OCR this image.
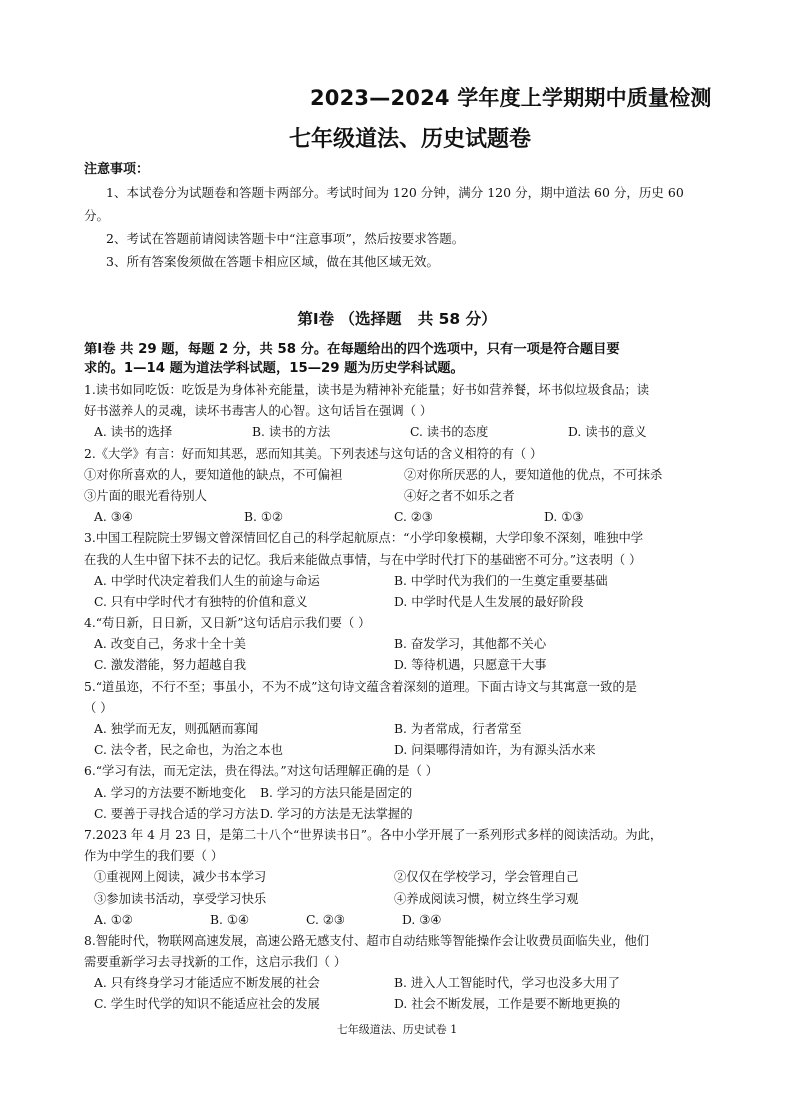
2023—2024 学年度上学期期中质量检测
七年级道法、历史试题卷
注意事项：
1、本试卷分为试题卷和答题卡两部分。考试时间为 120 分钟，满分 120 分，期中道法 60 分，历史 60
分。
2、考试在答题前请阅读答题卡中“注意事项”，然后按要求答题。
3、所有答案俊须做在答题卡相应区域，做在其他区域无效。
第Ⅰ卷 （选择题   共 58 分）
第Ⅰ卷 共 29 题，每题 2 分，共 58 分。在每题给出的四个选项中，只有一项是符合题目要
求的。1—14 题为道法学科试题，15—29 题为历史学科试题。
1.读书如同吃饭：吃饭是为身体补充能量，读书是为精神补充能量；好书如营养餐，坏书似垃圾食品；读
好书滋养人的灵魂，读坏书毒害人的心智。这句话旨在强调（ ）
A. 读书的选择	B. 读书的方法	C. 读书的态度	D. 读书的意义
2.《大学》有言：好而知其恶，恶而知其美。下列表述与这句话的含义相符的有（ ）
①对你所喜欢的人，要知道他的缺点，不可偏袒	②对你所厌恶的人，要知道他的优点，不可抹杀
③片面的眼光看待别人	④好之者不如乐之者
A. ③④	B. ①②	C. ②③	D. ①③
3.中国工程院院士罗锡文曾深情回忆自己的科学起航原点：“小学印象模糊，大学印象不深刻，唯独中学
在我的人生中留下抹不去的记忆。我后来能做点事情，与在中学时代打下的基础密不可分。”这表明（ ）
A. 中学时代决定着我们人生的前途与命运	B. 中学时代为我们的一生奠定重要基础
C. 只有中学时代才有独特的价值和意义	D. 中学时代是人生发展的最好阶段
4.“苟日新，日日新，又日新”这句话启示我们要（ ）
A. 改变自己，务求十全十美	B. 奋发学习，其他都不关心
C. 激发潜能，努力超越自我	D. 等待机遇，只愿意干大事
5.“道虽迩，不行不至；事虽小，不为不成”这句诗文蕴含着深刻的道理。下面古诗文与其寓意一致的是
（ ）
A. 独学而无友，则孤陋而寡闻	B. 为者常成，行者常至
C. 法令者，民之命也，为治之本也	D. 问渠哪得清如许，为有源头活水来
6.“学习有法，而无定法，贵在得法。”对这句话理解正确的是（ ）
A. 学习的方法要不断地变化 B. 学习的方法只能是固定的
C. 要善于寻找合适的学习方法 D. 学习的方法是无法掌握的
7.2023 年 4 月 23 日，是第二十八个“世界读书日”。各中小学开展了一系列形式多样的阅读活动。为此，
作为中学生的我们要（ ）
①重视网上阅读，减少书本学习	②仅仅在学校学习，学会管理自己
③参加读书活动，享受学习快乐	④养成阅读习惯，树立终生学习观
A. ①②	B. ①④	C. ②③	D. ③④
8.智能时代，物联网高速发展，高速公路无感支付、超市自动结账等智能操作会让收费员面临失业，他们
需要重新学习去寻找新的工作，这启示我们（ ）
A. 只有终身学习才能适应不断发展的社会	B. 进入人工智能时代，学习也没多大用了
C. 学生时代学的知识不能适应社会的发展	D. 社会不断发展，工作是要不断地更换的
七年级道法、历史试卷 1
